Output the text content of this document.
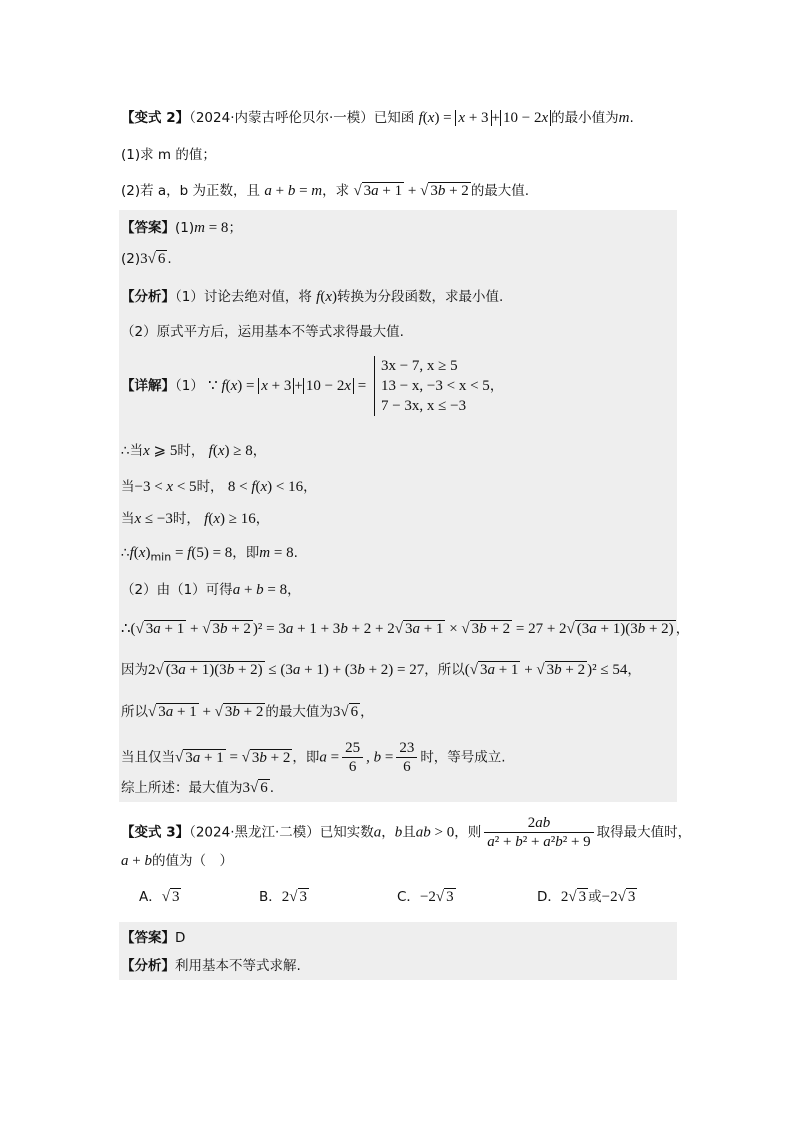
【变式 2】（2024·内蒙古呼伦贝尔·一模）已知函 f(x) = x + 3 + 10 − 2x 的最小值为m.
(1)求 m 的值；
(2)若 a，b 为正数，且 a + b = m，求 √ 3a + 1 + √ 3b + 2 的最大值.
【答案】(1)m = 8；
(2)3√ 6 .
【分析】（1）讨论去绝对值，将 f(x)转换为分段函数，求最小值.
（2）原式平方后，运用基本不等式求得最大值.
【详解】（1） ∵ f(x) = x + 3 + 10 − 2x =
3x − 7, x ≥ 5
13 − x, −3 < x < 5
7 − 3x, x ≤ −3
，
∴当x ⩾ 5时， f(x) ≥ 8，
当−3 < x < 5时， 8 < f(x) < 16，
当x ≤ −3时， f(x) ≥ 16，
$\therefore f(x)_{min} = f(5) = 8$，即m = 8.
（2）由（1）可得a + b = 8，
∴(√ 3a + 1 + √ 3b + 2 )² = 3a + 1 + 3b + 2 + 2√ 3a + 1 × √ 3b + 2 = 27 + 2√ (3a + 1)(3b + 2) ，
因为2√ (3a + 1)(3b + 2) ≤ (3a + 1) + (3b + 2) = 27，所以(√ 3a + 1 + √ 3b + 2 )² ≤ 54，
所以√ 3a + 1 + √ 3b + 2 的最大值为3√ 6 ，
当且仅当√ 3a + 1 = √ 3b + 2 ，即$a = \frac{25}{6}$ , $b = \frac{23}{6}$ 时，等号成立.
综上所述：最大值为3√ 6 .
【变式 3】（2024·黑龙江·二模）已知实数a，b且ab > 0，则 $\frac{2ab}{\text{a² + b² + a²b² + 9}}$ 取得最大值时，
a + b的值为（　）
A．√ 3	B．2√ 3	C．−2√ 3	D．2√ 3 或−2√ 3
【答案】D
【分析】利用基本不等式求解.
